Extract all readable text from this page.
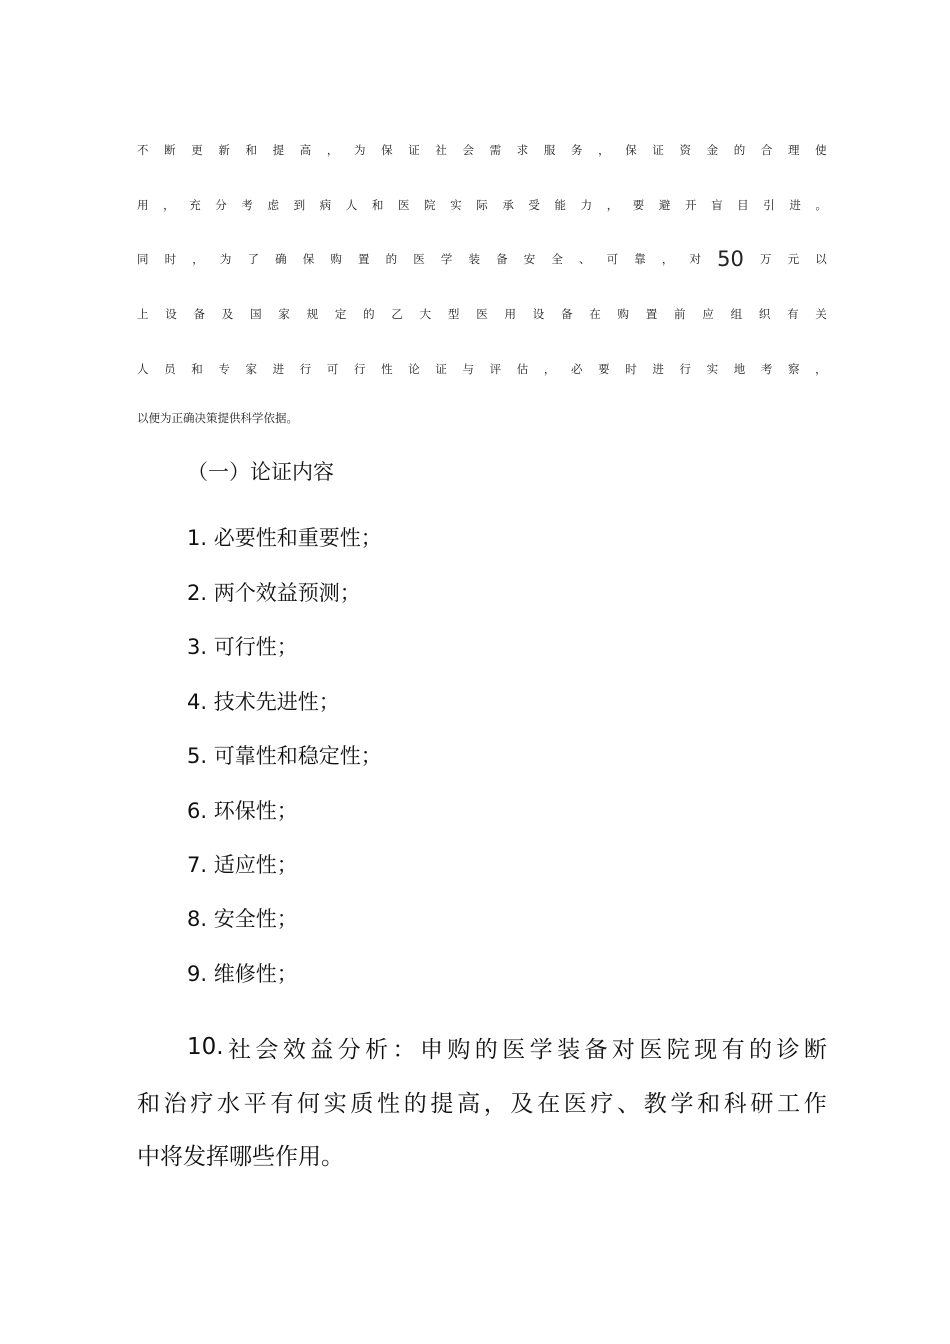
不 断 更 新 和 提 高 ， 为 保 证 社 会 需 求 服 务 ， 保 证 资 金 的 合 理 使
用 ， 充 分 考 虑 到 病 人 和 医 院 实 际 承 受 能 力 ， 要 避 开 盲 目 引 进 。
同 时 ， 为 了 确 保 购 置 的 医 学 装 备 安 全 、 可 靠 ， 对 50 万 元 以
上 设 备 及 国 家 规 定 的 乙 大 型 医 用 设 备 在 购 置 前 应 组 织 有 关
人 员 和 专 家 进 行 可 行 性 论 证 与 评 估 ， 必 要 时 进 行 实 地 考 察 ，
以便为正确决策提供科学依据。
（一）论证内容
1. 必要性和重要性；
2. 两个效益预测；
3. 可行性；
4. 技术先进性；
5. 可靠性和稳定性；
6. 环保性；
7. 适应性；
8. 安全性；
9. 维修性；
10. 社 会 效 益 分 析 ： 申 购 的 医 学 装 备 对 医 院 现 有 的 诊 断
和 治 疗 水 平 有 何 实 质 性 的 提 高 ， 及 在 医 疗 、 教 学 和 科 研 工 作
中将发挥哪些作用。
